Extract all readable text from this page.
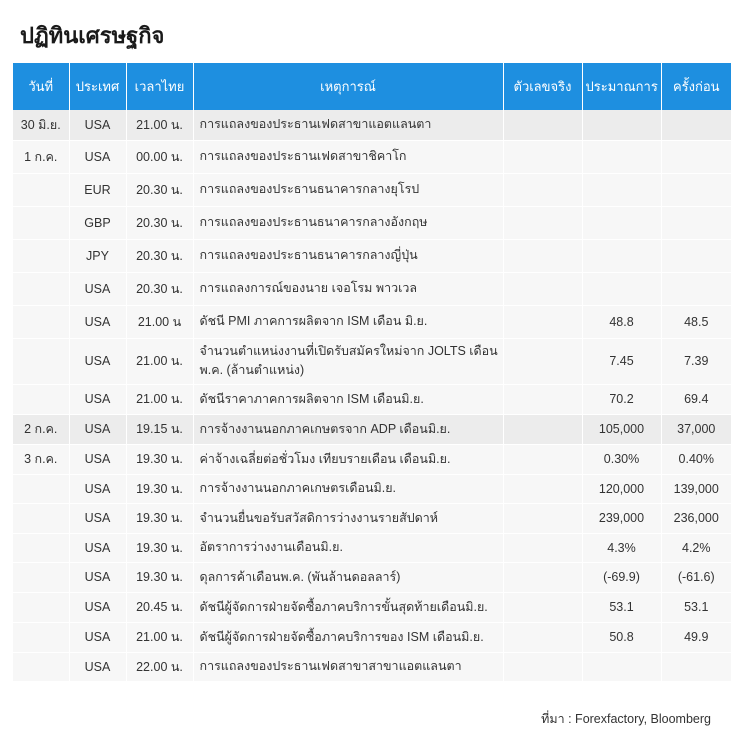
ปฏิทินเศรษฐกิจ
วันที่	ประเทศ	เวลาไทย	เหตุการณ์	ตัวเลขจริง	ประมาณการ	ครั้งก่อน
30 มิ.ย.	USA	21.00 น.	การแถลงของประธานเฟดสาขาแอตแลนตา			
1 ก.ค.	USA	00.00 น.	การแถลงของประธานเฟดสาขาชิคาโก			
	EUR	20.30 น.	การแถลงของประธานธนาคารกลางยุโรป			
	GBP	20.30 น.	การแถลงของประธานธนาคารกลางอังกฤษ			
	JPY	20.30 น.	การแถลงของประธานธนาคารกลางญี่ปุ่น			
	USA	20.30 น.	การแถลงการณ์ของนาย เจอโรม พาวเวล			
	USA	21.00 น	ดัชนี PMI ภาคการผลิตจาก ISM เดือน มิ.ย.		48.8	48.5
	USA	21.00 น.	จำนวนตำแหน่งงานที่เปิดรับสมัครใหม่จาก JOLTS เดือน พ.ค. (ล้านตำแหน่ง)		7.45	7.39
	USA	21.00 น.	ดัชนีราคาภาคการผลิตจาก ISM เดือนมิ.ย.		70.2	69.4
2 ก.ค.	USA	19.15 น.	การจ้างงานนอกภาคเกษตรจาก ADP เดือนมิ.ย.		105,000	37,000
3 ก.ค.	USA	19.30 น.	ค่าจ้างเฉลี่ยต่อชั่วโมง เทียบรายเดือน เดือนมิ.ย.		0.30%	0.40%
	USA	19.30 น.	การจ้างงานนอกภาคเกษตรเดือนมิ.ย.		120,000	139,000
	USA	19.30 น.	จำนวนยื่นขอรับสวัสดิการว่างงานรายสัปดาห์		239,000	236,000
	USA	19.30 น.	อัตราการว่างงานเดือนมิ.ย.		4.3%	4.2%
	USA	19.30 น.	ดุลการค้าเดือนพ.ค. (พันล้านดอลลาร์)		(-69.9)	(-61.6)
	USA	20.45 น.	ดัชนีผู้จัดการฝ่ายจัดซื้อภาคบริการขั้นสุดท้ายเดือนมิ.ย.		53.1	53.1
	USA	21.00 น.	ดัชนีผู้จัดการฝ่ายจัดซื้อภาคบริการของ ISM เดือนมิ.ย.		50.8	49.9
	USA	22.00 น.	การแถลงของประธานเฟดสาขาสาขาแอตแลนตา			
ที่มา : Forexfactory, Bloomberg
